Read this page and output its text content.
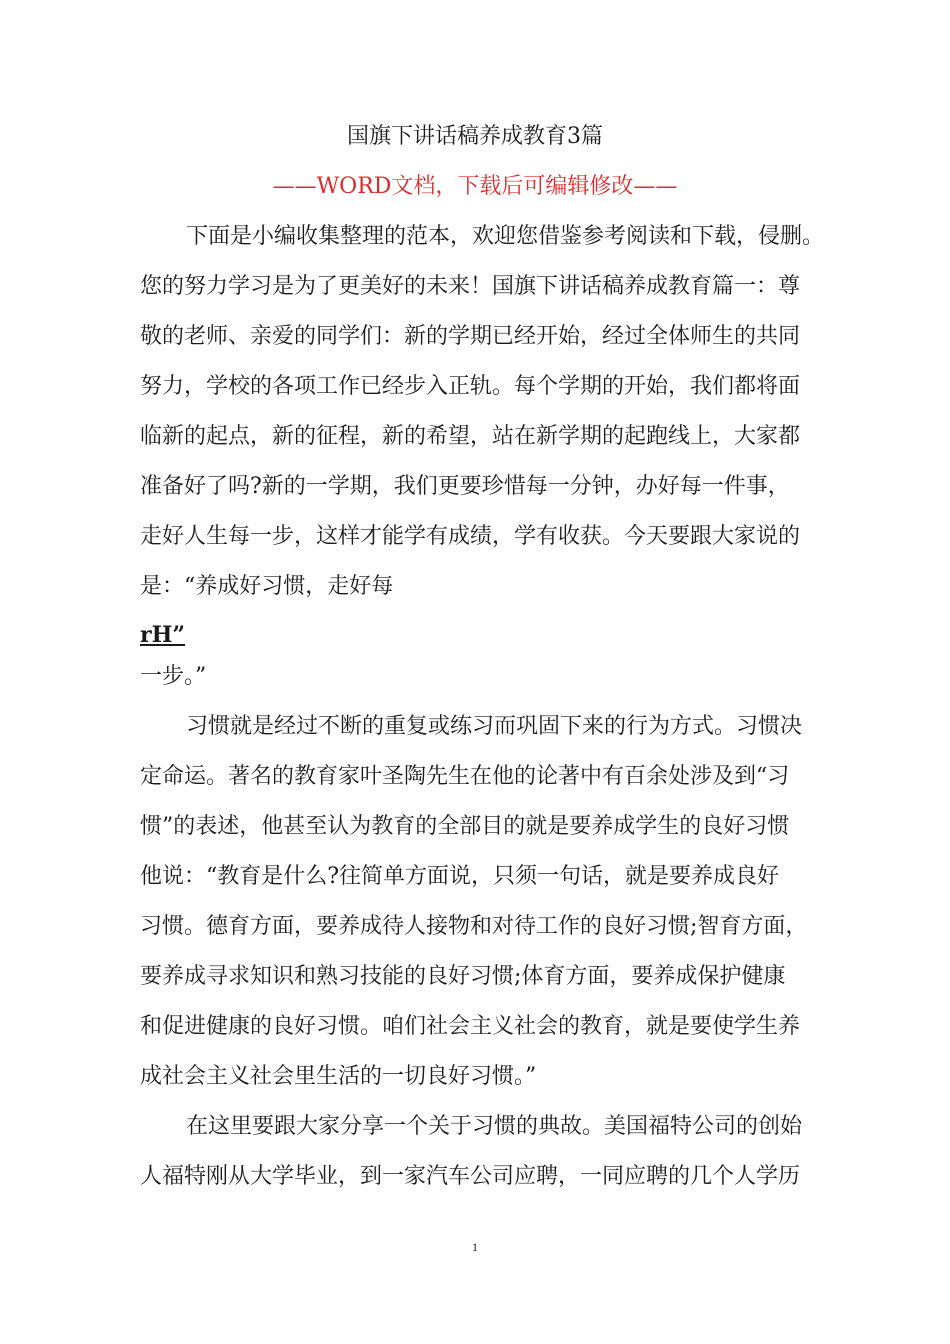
国旗下讲话稿养成教育3篇
——WORD文档，下载后可编辑修改——
下面是小编收集整理的范本，欢迎您借鉴参考阅读和下载，侵删。
您的努力学习是为了更美好的未来！国旗下讲话稿养成教育篇一：尊
敬的老师、亲爱的同学们：新的学期已经开始，经过全体师生的共同
努力，学校的各项工作已经步入正轨。每个学期的开始，我们都将面
临新的起点，新的征程，新的希望，站在新学期的起跑线上，大家都
准备好了吗?新的一学期，我们更要珍惜每一分钟，办好每一件事，
走好人生每一步，这样才能学有成绩，学有收获。今天要跟大家说的
是：“养成好习惯，走好每
rH”
一步。”
习惯就是经过不断的重复或练习而巩固下来的行为方式。习惯决
定命运。著名的教育家叶圣陶先生在他的论著中有百余处涉及到“习
惯”的表述，他甚至认为教育的全部目的就是要养成学生的良好习惯
他说：“教育是什么?往简单方面说，只须一句话，就是要养成良好
习惯。德育方面，要养成待人接物和对待工作的良好习惯;智育方面，
要养成寻求知识和熟习技能的良好习惯;体育方面，要养成保护健康
和促进健康的良好习惯。咱们社会主义社会的教育，就是要使学生养
成社会主义社会里生活的一切良好习惯。”
在这里要跟大家分享一个关于习惯的典故。美国福特公司的创始
人福特刚从大学毕业，到一家汽车公司应聘，一同应聘的几个人学历
1
